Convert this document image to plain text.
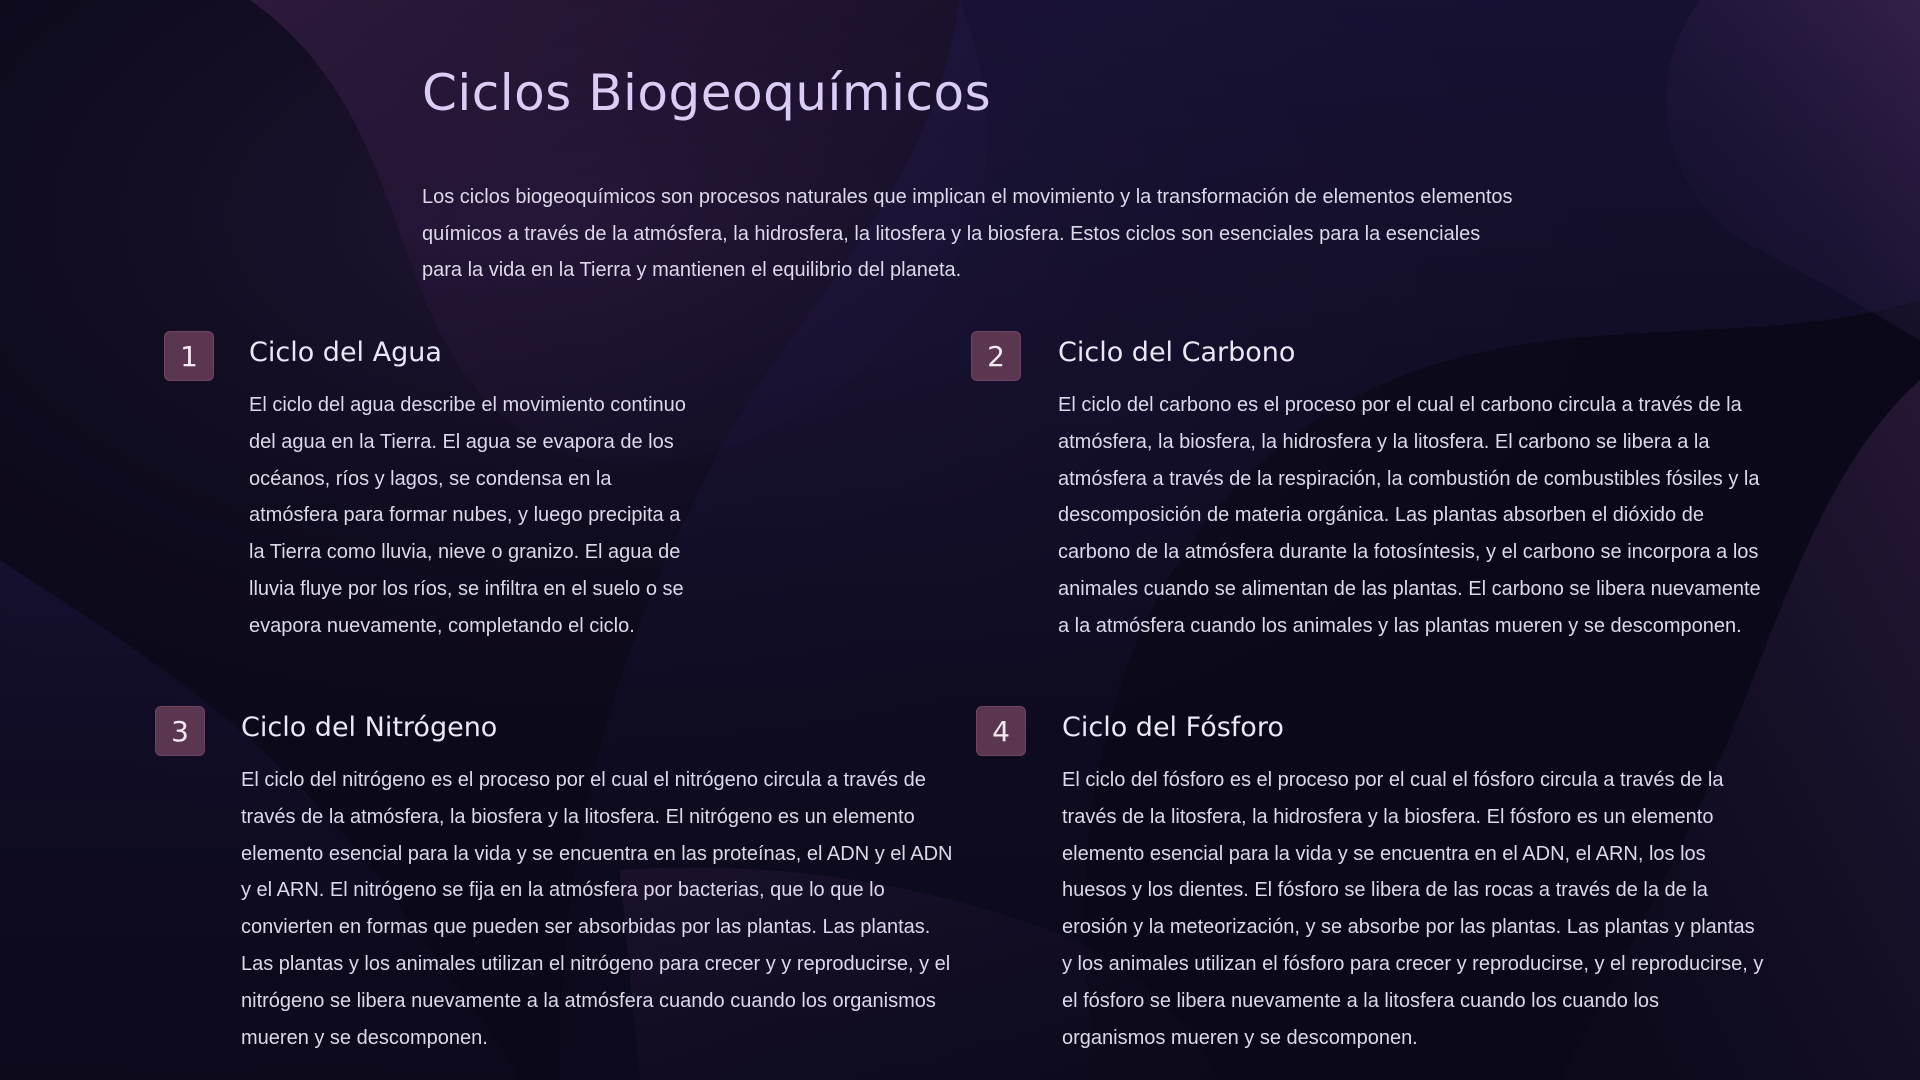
Ciclos Biogeoquímicos

Los ciclos biogeoquímicos son procesos naturales que implican el movimiento y la transformación de elementos elementos químicos a través de la atmósfera, la hidrosfera, la litosfera y la biosfera. Estos ciclos son esenciales para la esenciales para la vida en la Tierra y mantienen el equilibrio del planeta.

1	Ciclo del Agua

El ciclo del agua describe el movimiento continuo del agua en la Tierra. El agua se evapora de los océanos, ríos y lagos, se condensa en la atmósfera para formar nubes, y luego precipita a la Tierra como lluvia, nieve o granizo. El agua de lluvia fluye por los ríos, se infiltra en el suelo o se evapora nuevamente, completando el ciclo.

2	Ciclo del Carbono

El ciclo del carbono es el proceso por el cual el carbono circula a través de la atmósfera, la biosfera, la hidrosfera y la litosfera. El carbono se libera a la atmósfera a través de la respiración, la combustión de combustibles fósiles y la descomposición de materia orgánica. Las plantas absorben el dióxido de carbono de la atmósfera durante la fotosíntesis, y el carbono se incorpora a los animales cuando se alimentan de las plantas. El carbono se libera nuevamente a la atmósfera cuando los animales y las plantas mueren y se descomponen.

3	Ciclo del Nitrógeno

El ciclo del nitrógeno es el proceso por el cual el nitrógeno circula a través de través de la atmósfera, la biosfera y la litosfera. El nitrógeno es un elemento elemento esencial para la vida y se encuentra en las proteínas, el ADN y el ADN y el ARN. El nitrógeno se fija en la atmósfera por bacterias, que lo que lo convierten en formas que pueden ser absorbidas por las plantas. Las plantas. Las plantas y los animales utilizan el nitrógeno para crecer y y reproducirse, y el nitrógeno se libera nuevamente a la atmósfera cuando cuando los organismos mueren y se descomponen.

4	Ciclo del Fósforo

El ciclo del fósforo es el proceso por el cual el fósforo circula a través de la través de la litosfera, la hidrosfera y la biosfera. El fósforo es un elemento elemento esencial para la vida y se encuentra en el ADN, el ARN, los los huesos y los dientes. El fósforo se libera de las rocas a través de la de la erosión y la meteorización, y se absorbe por las plantas. Las plantas y plantas y los animales utilizan el fósforo para crecer y reproducirse, y el reproducirse, y el fósforo se libera nuevamente a la litosfera cuando los cuando los organismos mueren y se descomponen.
